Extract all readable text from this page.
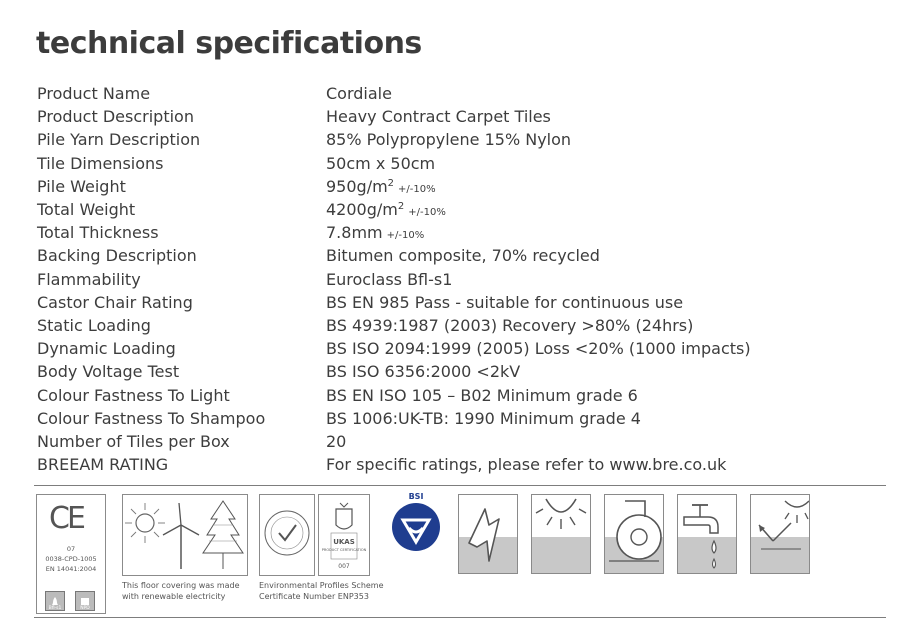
technical specifications
Product Name	Cordiale
Product Description	Heavy Contract Carpet Tiles
Pile Yarn Description	85% Polypropylene 15% Nylon
Tile Dimensions	50cm x 50cm
Pile Weight	$950g/m^2+/-10\%$
Total Weight	$4200g/m^2+/-10\%$
Total Thickness	7.8mm +/-10%
Backing Description	Bitumen composite, 70% recycled
Flammability	Euroclass Bfl-s1
Castor Chair Rating	BS EN 985 Pass - suitable for continuous use
Static Loading	BS 4939:1987 (2003) Recovery >80% (24hrs)
Dynamic Loading	BS ISO 2094:1999 (2005) Loss <20% (1000 impacts)
Body Voltage Test	BS ISO 6356:2000 <2kV
Colour Fastness To Light	BS EN ISO 105 – B02 Minimum grade 6
Colour Fastness To Shampoo	BS 1006:UK-TB: 1990 Minimum grade 4
Number of Tiles per Box	20
BREEAM RATING	For specific ratings, please refer to www.bre.co.uk
CE
07
0038-CPD-1005
EN 14041:2004
Bfl-s1	NPD
This floor covering was made
with renewable electricity
UKAS
PRODUCT CERTIFICATION
007
Environmental Profiles Scheme
Certificate Number ENP353
BSI
